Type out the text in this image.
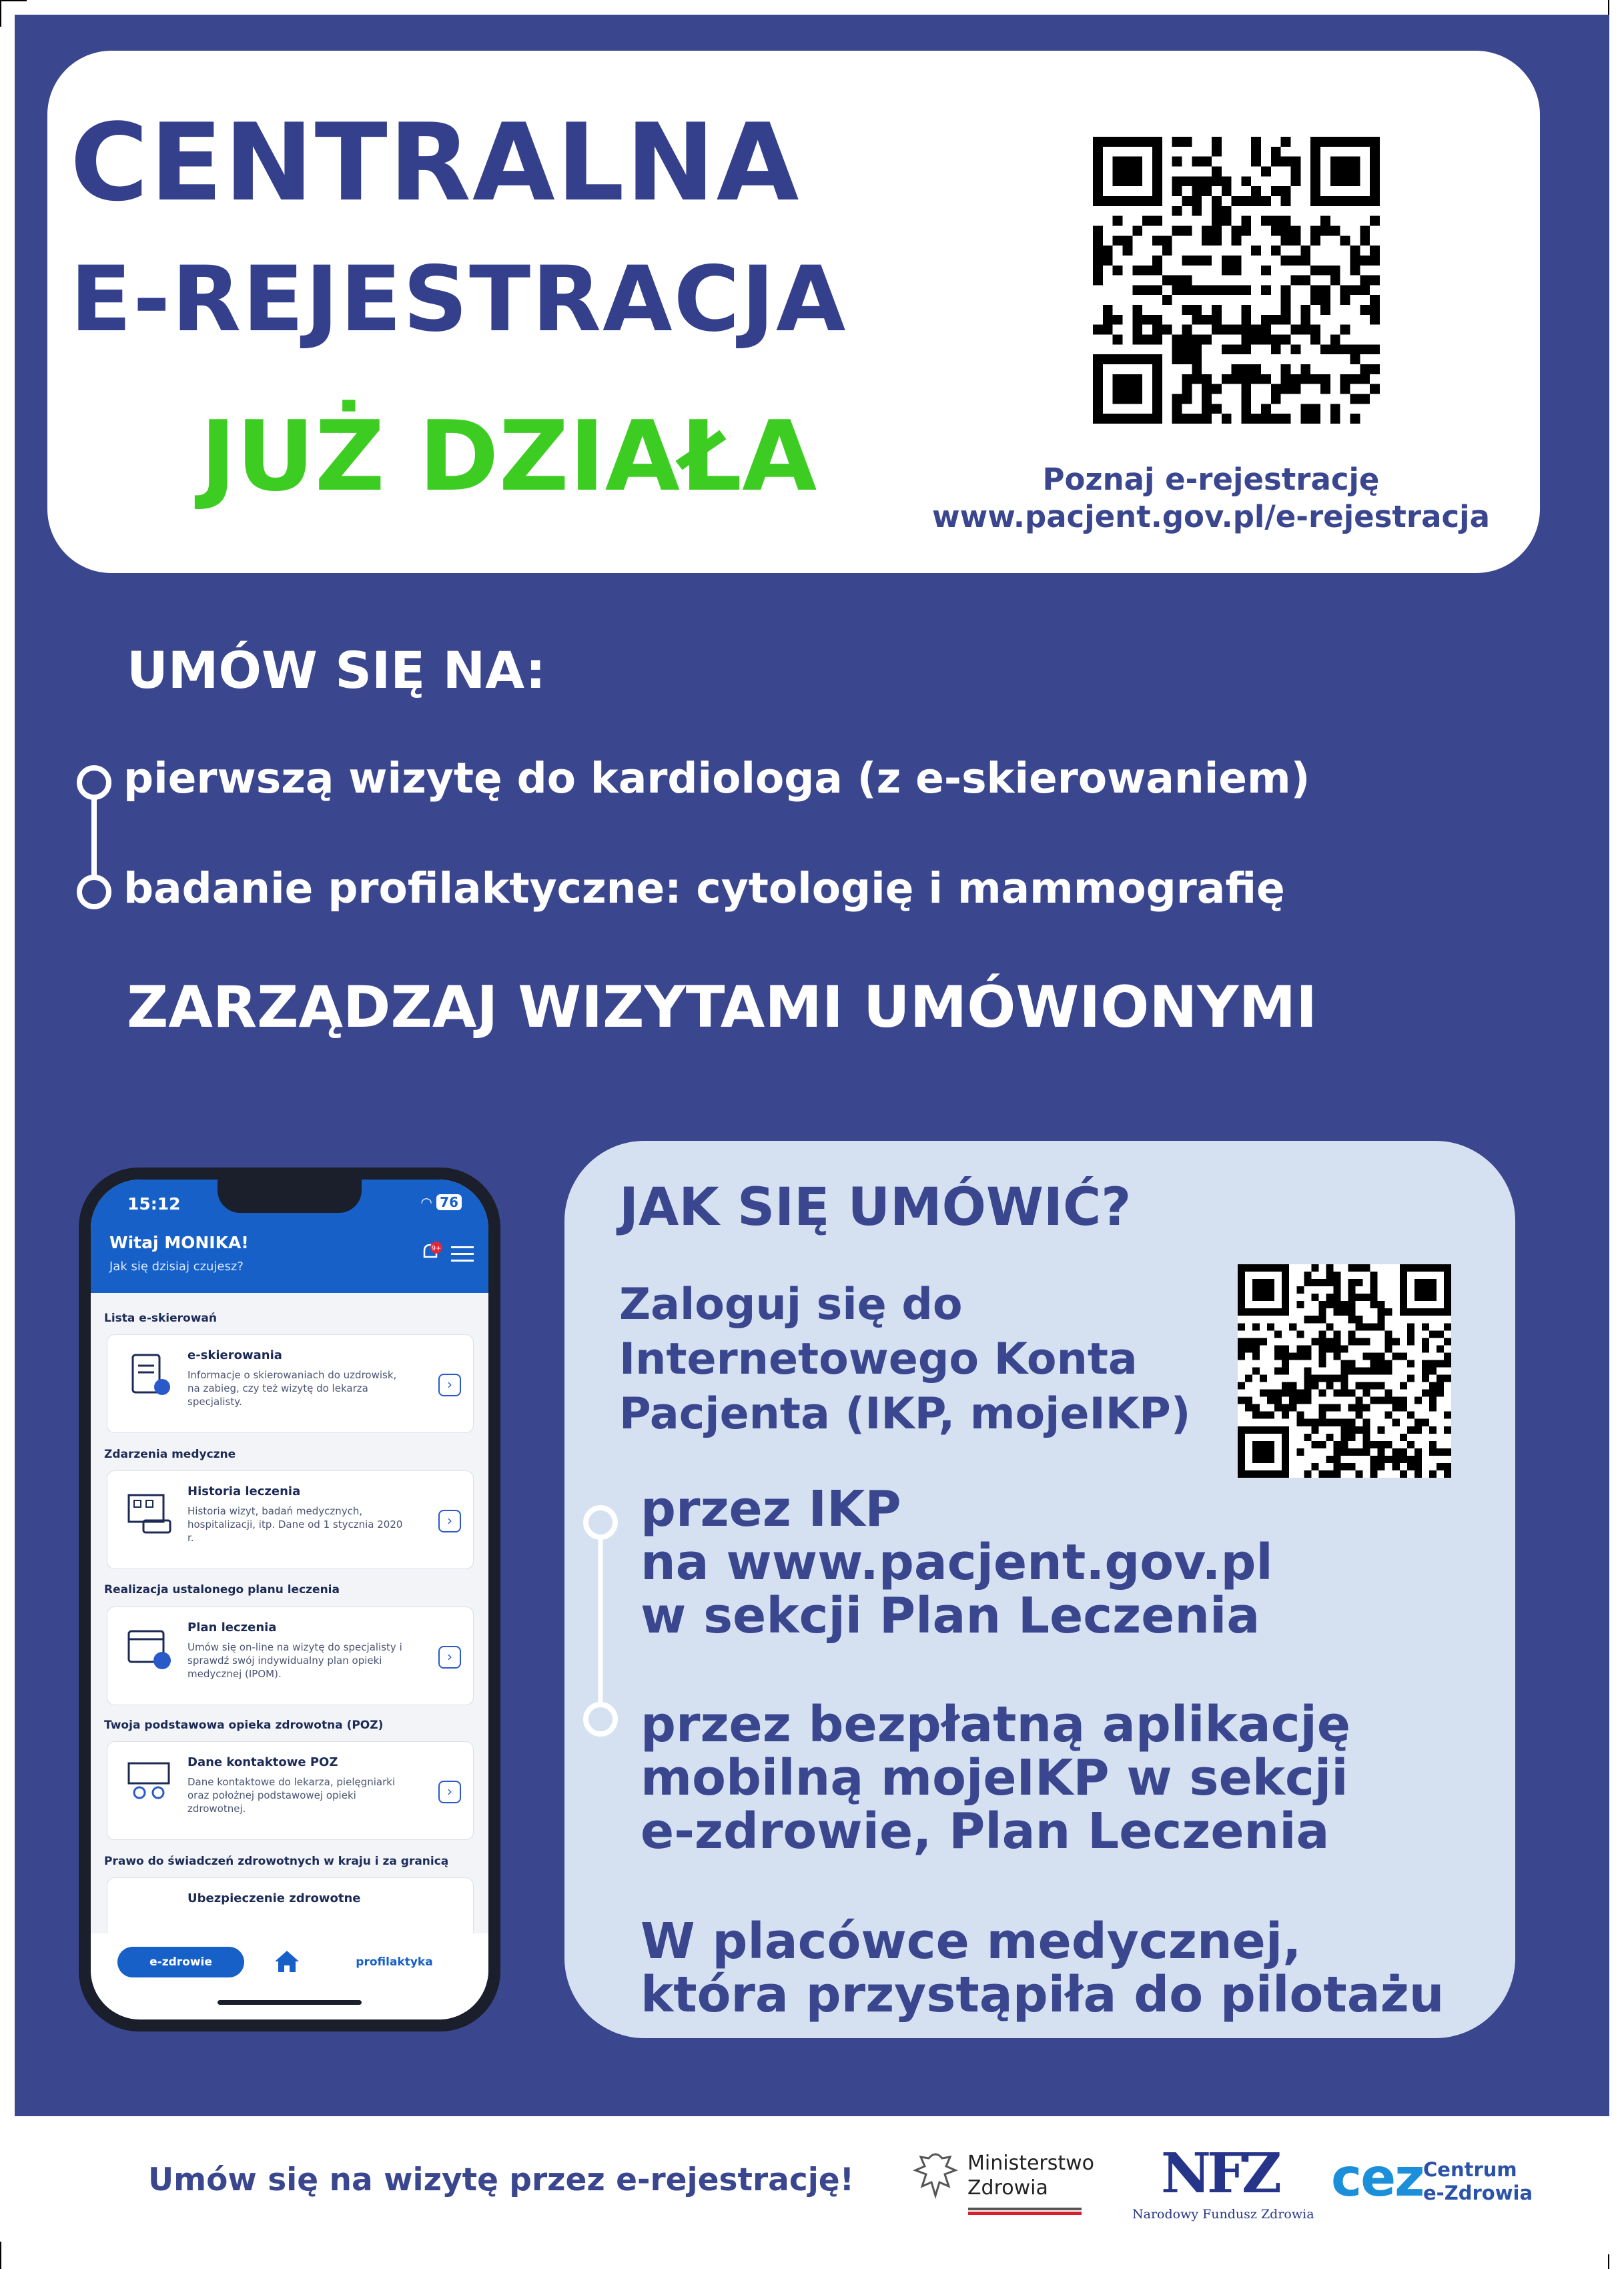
CENTRALNA
E-REJESTRACJA
JUŻ DZIAŁA	Poznaj e-rejestrację
www.pacjent.gov.pl/e-rejestracja
UMÓW SIĘ NA:
pierwszą wizytę do kardiologa (z e-skierowaniem)
badanie profilaktyczne: cytologię i mammografię
ZARZĄDZAJ WIZYTAMI UMÓWIONYMI
15:12	◠ 76
Witaj MONIKA!
Jak się dzisiaj czujesz?
9+
Lista e-skierowań
e-skierowania
Informacje o skierowaniach do uzdrowisk, na zabieg, czy też wizytę do lekarza specjalisty.
›
Zdarzenia medyczne
Historia leczenia
Historia wizyt, badań medycznych, hospitalizacji, itp. Dane od 1 stycznia 2020 r.
›
Realizacja ustalonego planu leczenia
Plan leczenia
Umów się on-line na wizytę do specjalisty i sprawdź swój indywidualny plan opieki medycznej (IPOM).
›
Twoja podstawowa opieka zdrowotna (POZ)
Dane kontaktowe POZ
Dane kontaktowe do lekarza, pielęgniarki oraz położnej podstawowej opieki zdrowotnej.
›
Prawo do świadczeń zdrowotnych w kraju i za granicą
Ubezpieczenie zdrowotne
e-zdrowie	profilaktyka
JAK SIĘ UMÓWIĆ?
Zaloguj się do
Internetowego Konta
Pacjenta (IKP, mojeIKP)
przez IKP
na www.pacjent.gov.pl
w sekcji Plan Leczenia
przez bezpłatną aplikację
mobilną mojeIKP w sekcji
e-zdrowie, Plan Leczenia
W placówce medycznej,
która przystąpiła do pilotażu
Umów się na wizytę przez e-rejestrację!	Ministerstwo
Zdrowia NFZ
Narodowy Fundusz Zdrowia
cez Centrum
e-Zdrowia
